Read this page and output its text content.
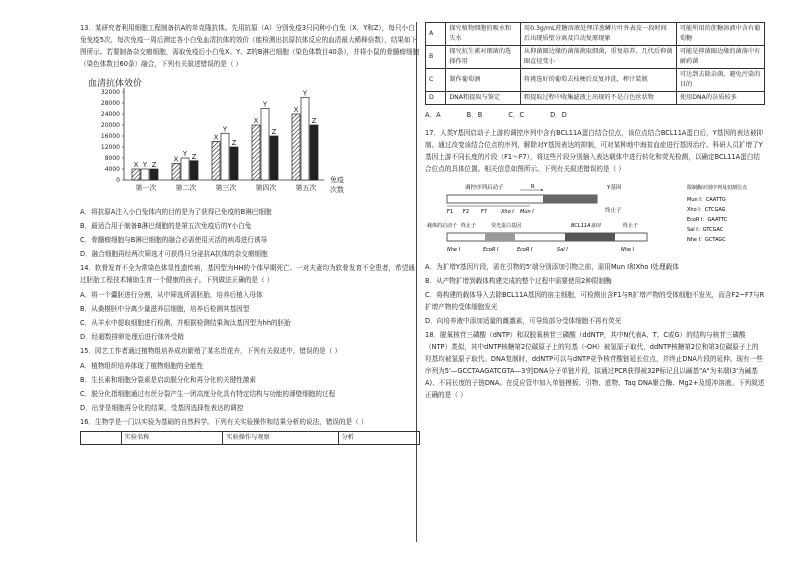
13．某研究者利用细胞工程制备抗A的单克隆抗体。先用抗原（A）分别免疫3只同种小白兔（X、Y和Z），每只小白兔免疫5次，每次免疫一周后测定各小白兔血清抗体的效价（能检测出抗原抗体反应的血清最大稀释倍数），结果如下图所示。若要制备杂交瘤细胞，需取免疫后小白兔X、Y、Z的B淋巴细胞（染色体数目40条），并将小鼠的骨髓瘤细胞（染色体数目60条）融合，下列有关叙述错误的是（ ）

血清抗体效价
0
4000
8000
12000
16000
20000
24000
28000
32000
X Y Z
第一次
X
Y Z
第二次
X
Y
Z
第三次
X
Y
Z
第四次
X
Y
Z
第五次
免疫
次数

A．将抗原A注入小白兔体内的目的是为了获得已免疫的B淋巴细胞

B．最适合用于制备B淋巴细胞的是第五次免疫后的Y小白兔

C．骨髓瘤细胞与B淋巴细胞的融合必需使用灭活的病毒进行诱导

D．融合细胞再经两次筛选才可获得只分泌抗A抗体的杂交瘤细胞

14．软骨发育不全为常染色体显性遗传病，基因型为HH的个体早期死亡。一对夫妻均为软骨发育不全患者，希望通过胚胎工程技术辅助生育一个健康的孩子。下列做法正确的是（ ）

A．将一个囊胚进行分割，从中筛选所需胚胎，培养后植入母体

B．从桑椹胚中分离少量滋养层细胞，培养后检测其基因型

C．从羊水中提取细胞进行检测，并根据检测结果淘汰基因型为hh的胚胎

D．经超数排卵处理后进行体外受精

15．园艺工作者通过植物组培养成功繁殖了某名贵花卉，下列有关叙述中，错误的是（ ）

A．植物组织培养体现了植物细胞的全能性

B．生长素和细胞分裂素是启动脱分化和再分化的关键性激素

C．脱分化指细胞通过有丝分裂产生一团高度分化具有特定结构与功能的薄壁细胞的过程

D．出芽是细胞再分化的结果，受基因选择性表达的调控

16．生物学是一门以实验为基础的自然科学。下列有关实验操作和结果分析的说法，错误的是（ ）

	实验名称	实验操作与观察	分析
A	探究植物细胞的吸水和失水	用0.3g/mL蔗糖溶液处理洋葱鳞片叶外表皮一段时间后出现质壁分离及自动复原现象	可能所用的蔗糖溶液中含有葡萄糖
B	探究抗生素对细菌的选择作用	从抑菌圈边缘的菌落挑取细菌，重复培养，几代后抑菌圈直径变小	可能是抑菌圈边缘的菌落中有耐药菌
C	制作葡萄酒	将挑选好的葡萄去枝梗后反复冲洗，榨汁装瓶	可达到去除杂菌，避免污染的目的
D	DNA粗提取与鉴定	粗提取过程中收集滤液上出现的不是白色丝状物	使用DNA的杂质较多
A．A	B．B	C．C	D．D

17．人类Y基因启动子上游的调控序列中含有BCL11A蛋白结合位点，该位点结合BCL11A蛋白后，Y基因的表达被抑制。通过改变该结合位点的序列，解除对Y基因表达的抑制，可对某种地中海贫血症进行基因治疗。科研人员扩增了Y基因上游不同长度的片段（F1～F7），将这些片段分别插入表达载体中进行转化和荧光检测，以确定BCL11A蛋白结合位点的具体位置。相关信息如图所示。下列有关叙述错误的是（ ）

调控序列启动子	Y基因
终止子
F1 F2 F7
R
Xho I Mun I
载体的启动子 终止子	荧光蛋白基因	BCL11A基因	终止子
Nhe I	EcoR I	EcoR I	Sal I	Nhe I
限制酶识别序列及切割位点
Mun I：CAATTG
Xho I：CTCGAG
EcoR I：GAATTC
Sal I：GTCGAC
Nhe I：GCTAGC

A．为扩增Y基因片段，需在引物的5'端分别添加引物之前，需用Mun I和Xho I处理载体

B．从产物扩增到载体构建完成的整个过程中需要使用2种限制酶

C．将构建的载体导入去除BCL11A基因的宿主细胞，可检测出含F1与R扩增产物的受体细胞不发光，而含F2~F7与R扩增产物的受体细胞发光

D．向培养液中添加适量的雌激素，可导致部分受体细胞不再有荧光

18．脱氧核苷三磷酸（dNTP）和双脱氧核苷三磷酸（ddNTP，其中N代表A、T、C或G）的结构与核苷三磷酸（NTP）类似，其中dNTP核糖第2位碳原子上的羟基（-OH）被氢原子取代，ddNTP核糖第2位和第3位碳原子上的羟基均被氢原子取代。DNA复制时，ddNTP可以与dNTP竞争核苷酸链延长位点，并终止DNA片段的延伸。现有一些序列为5'—GCCTAAGATCGTA—3'的DNA分子单链片段，拟通过PCR获得被32P标记且以碱基"A"为末端(3'为碱基A)、不同长度的子链DNA。在反应管中加入单链模板、引物、底物、Taq DNA聚合酶、Mg2+及缓冲溶液。下列叙述正确的是（ ）
